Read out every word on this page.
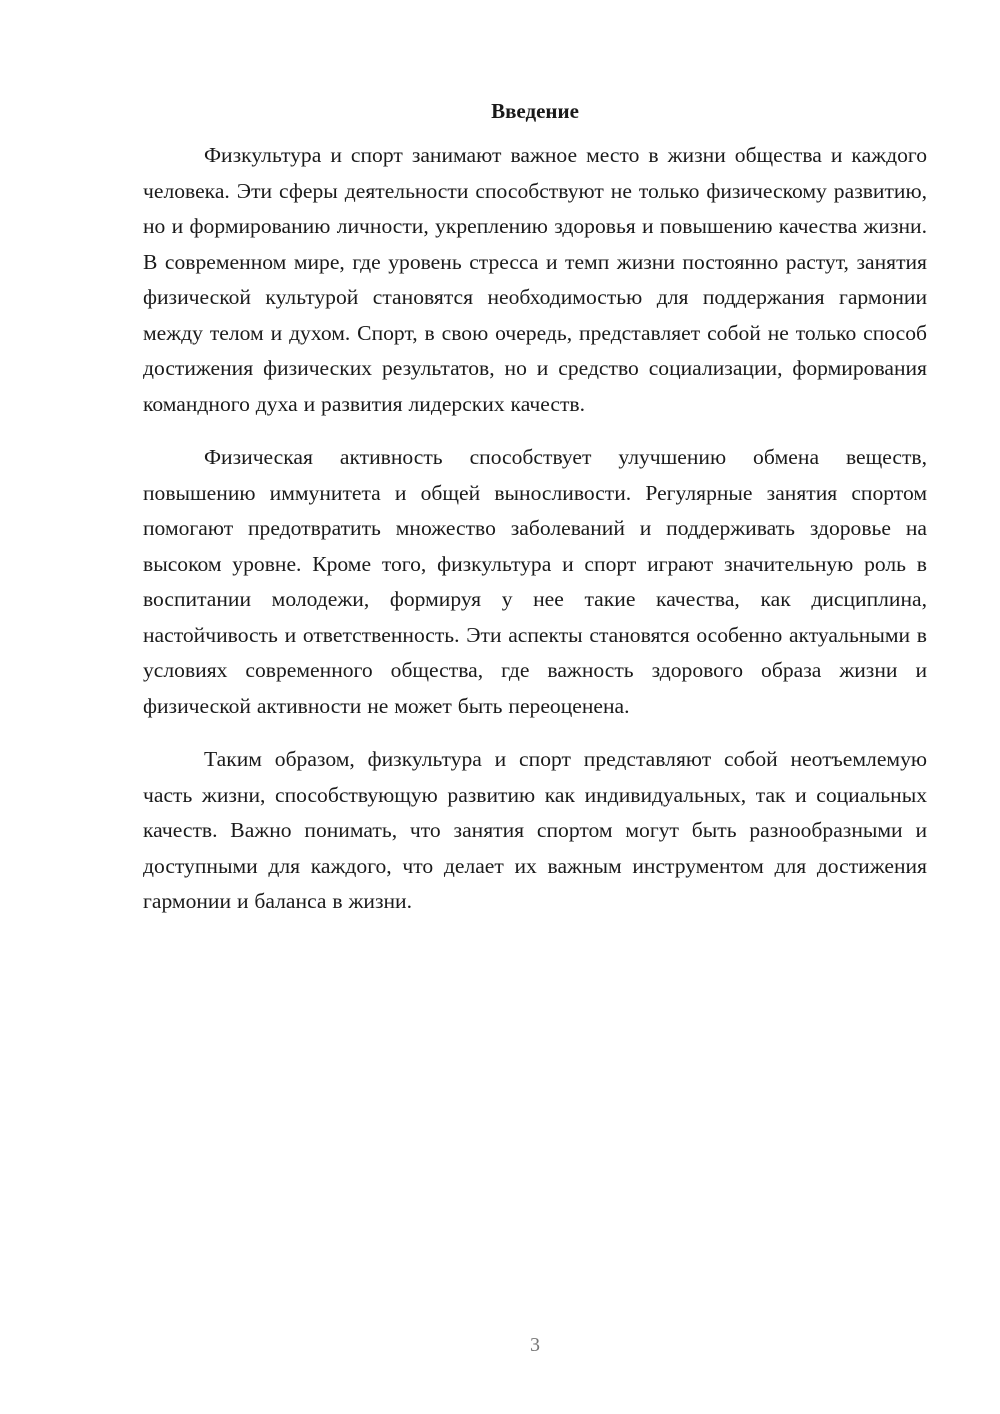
Введение

Физкультура и спорт занимают важное место в жизни общества и каждого человека. Эти сферы деятельности способствуют не только физическому развитию, но и формированию личности, укреплению здоровья и повышению качества жизни. В современном мире, где уровень стресса и темп жизни постоянно растут, занятия физической культурой становятся необходимостью для поддержания гармонии между телом и духом. Спорт, в свою очередь, представляет собой не только способ достижения физических результатов, но и средство социализации, формирования командного духа и развития лидерских качеств.

Физическая активность способствует улучшению обмена веществ, повышению иммунитета и общей выносливости. Регулярные занятия спортом помогают предотвратить множество заболеваний и поддерживать здоровье на высоком уровне. Кроме того, физкультура и спорт играют значительную роль в воспитании молодежи, формируя у нее такие качества, как дисциплина, настойчивость и ответственность. Эти аспекты становятся особенно актуальными в условиях современного общества, где важность здорового образа жизни и физической активности не может быть переоценена.

Таким образом, физкультура и спорт представляют собой неотъемлемую часть жизни, способствующую развитию как индивидуальных, так и социальных качеств. Важно понимать, что занятия спортом могут быть разнообразными и доступными для каждого, что делает их важным инструментом для достижения гармонии и баланса в жизни.

3
